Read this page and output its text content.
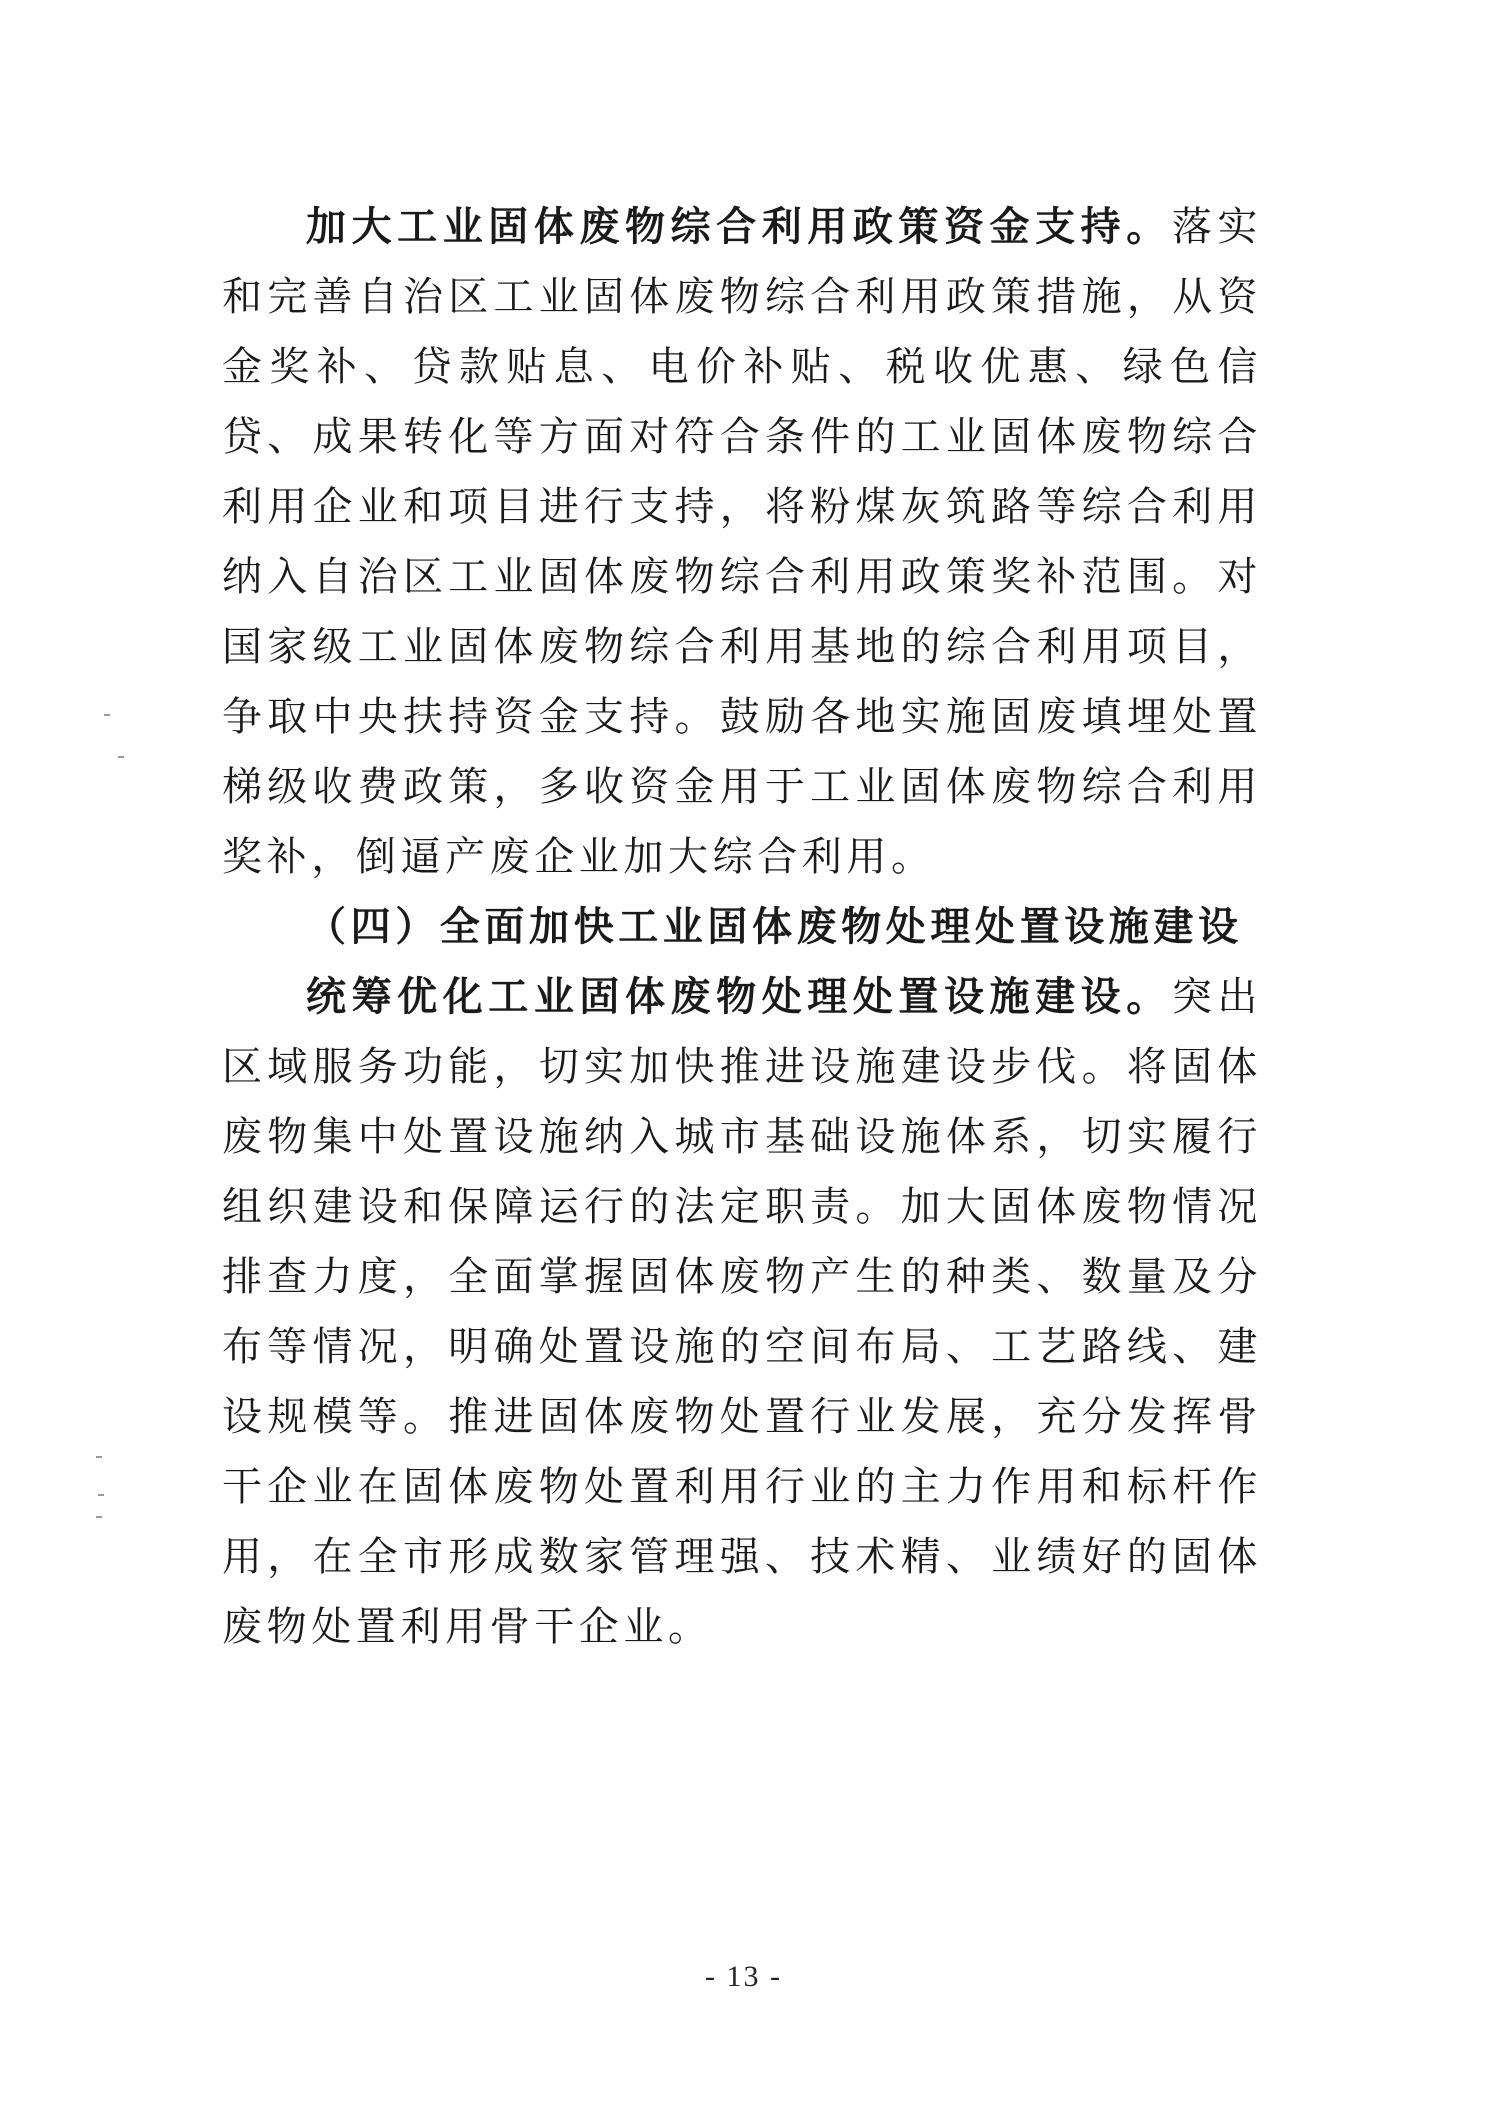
加大工业固体废物综合利用政策资金支持。落实和完善自治区工业固体废物综合利用政策措施，从资金奖补、贷款贴息、电价补贴、税收优惠、绿色信贷、成果转化等方面对符合条件的工业固体废物综合利用企业和项目进行支持，将粉煤灰筑路等综合利用纳入自治区工业固体废物综合利用政策奖补范围。对国家级工业固体废物综合利用基地的综合利用项目，争取中央扶持资金支持。鼓励各地实施固废填埋处置梯级收费政策，多收资金用于工业固体废物综合利用奖补，倒逼产废企业加大综合利用。

（四）全面加快工业固体废物处理处置设施建设

统筹优化工业固体废物处理处置设施建设。突出区域服务功能，切实加快推进设施建设步伐。将固体废物集中处置设施纳入城市基础设施体系，切实履行组织建设和保障运行的法定职责。加大固体废物情况排查力度，全面掌握固体废物产生的种类、数量及分布等情况，明确处置设施的空间布局、工艺路线、建设规模等。推进固体废物处置行业发展，充分发挥骨干企业在固体废物处置利用行业的主力作用和标杆作用，在全市形成数家管理强、技术精、业绩好的固体废物处置利用骨干企业。

- 13 -
